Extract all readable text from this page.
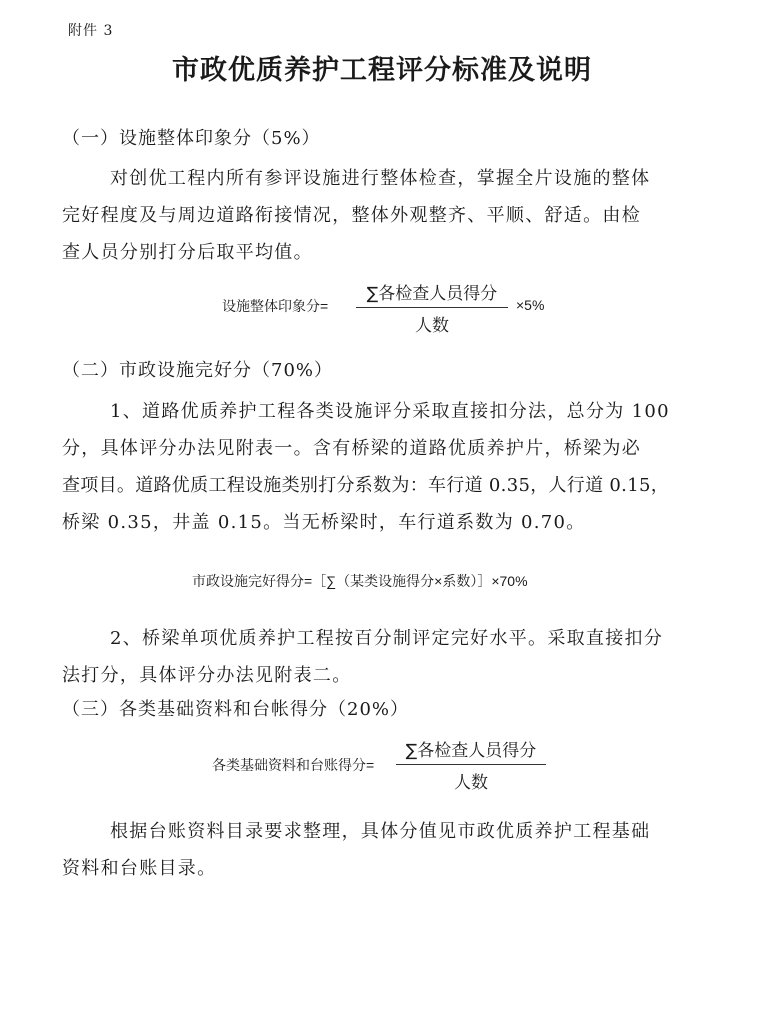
附件 3
市政优质养护工程评分标准及说明
（一）设施整体印象分（5%）
对创优工程内所有参评设施进行整体检查，掌握全片设施的整体
完好程度及与周边道路衔接情况，整体外观整齐、平顺、舒适。由检
查人员分别打分后取平均值。
设施整体印象分=
∑各检查人员得分
人数
×5%
（二）市政设施完好分（70%）
1、道路优质养护工程各类设施评分采取直接扣分法，总分为 100
分，具体评分办法见附表一。含有桥梁的道路优质养护片，桥梁为必
查项目。道路优质工程设施类别打分系数为：车行道 0.35，人行道 0.15，
桥梁 0.35，井盖 0.15。当无桥梁时，车行道系数为 0.70。
市政设施完好得分=［∑（某类设施得分×系数）］×70%
2、桥梁单项优质养护工程按百分制评定完好水平。采取直接扣分
法打分，具体评分办法见附表二。
（三）各类基础资料和台帐得分（20%）
各类基础资料和台账得分=
∑各检查人员得分
人数
根据台账资料目录要求整理，具体分值见市政优质养护工程基础
资料和台账目录。
